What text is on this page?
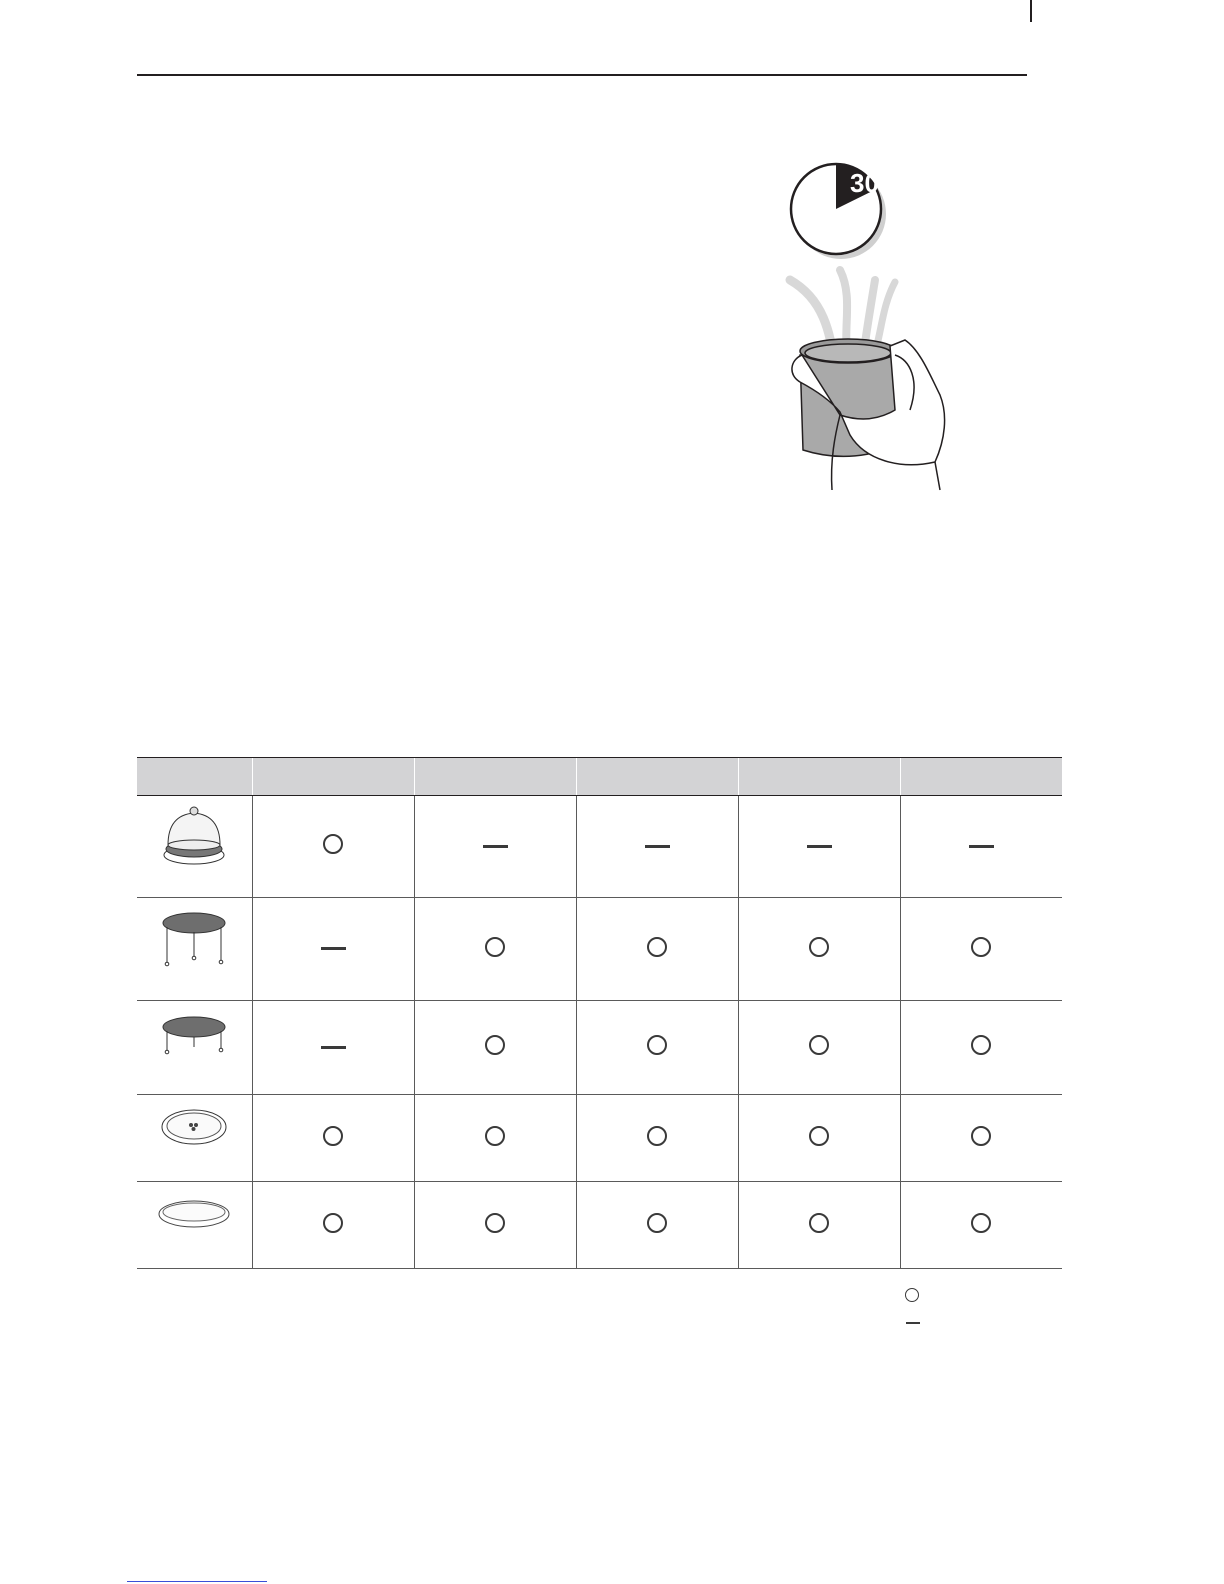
30
